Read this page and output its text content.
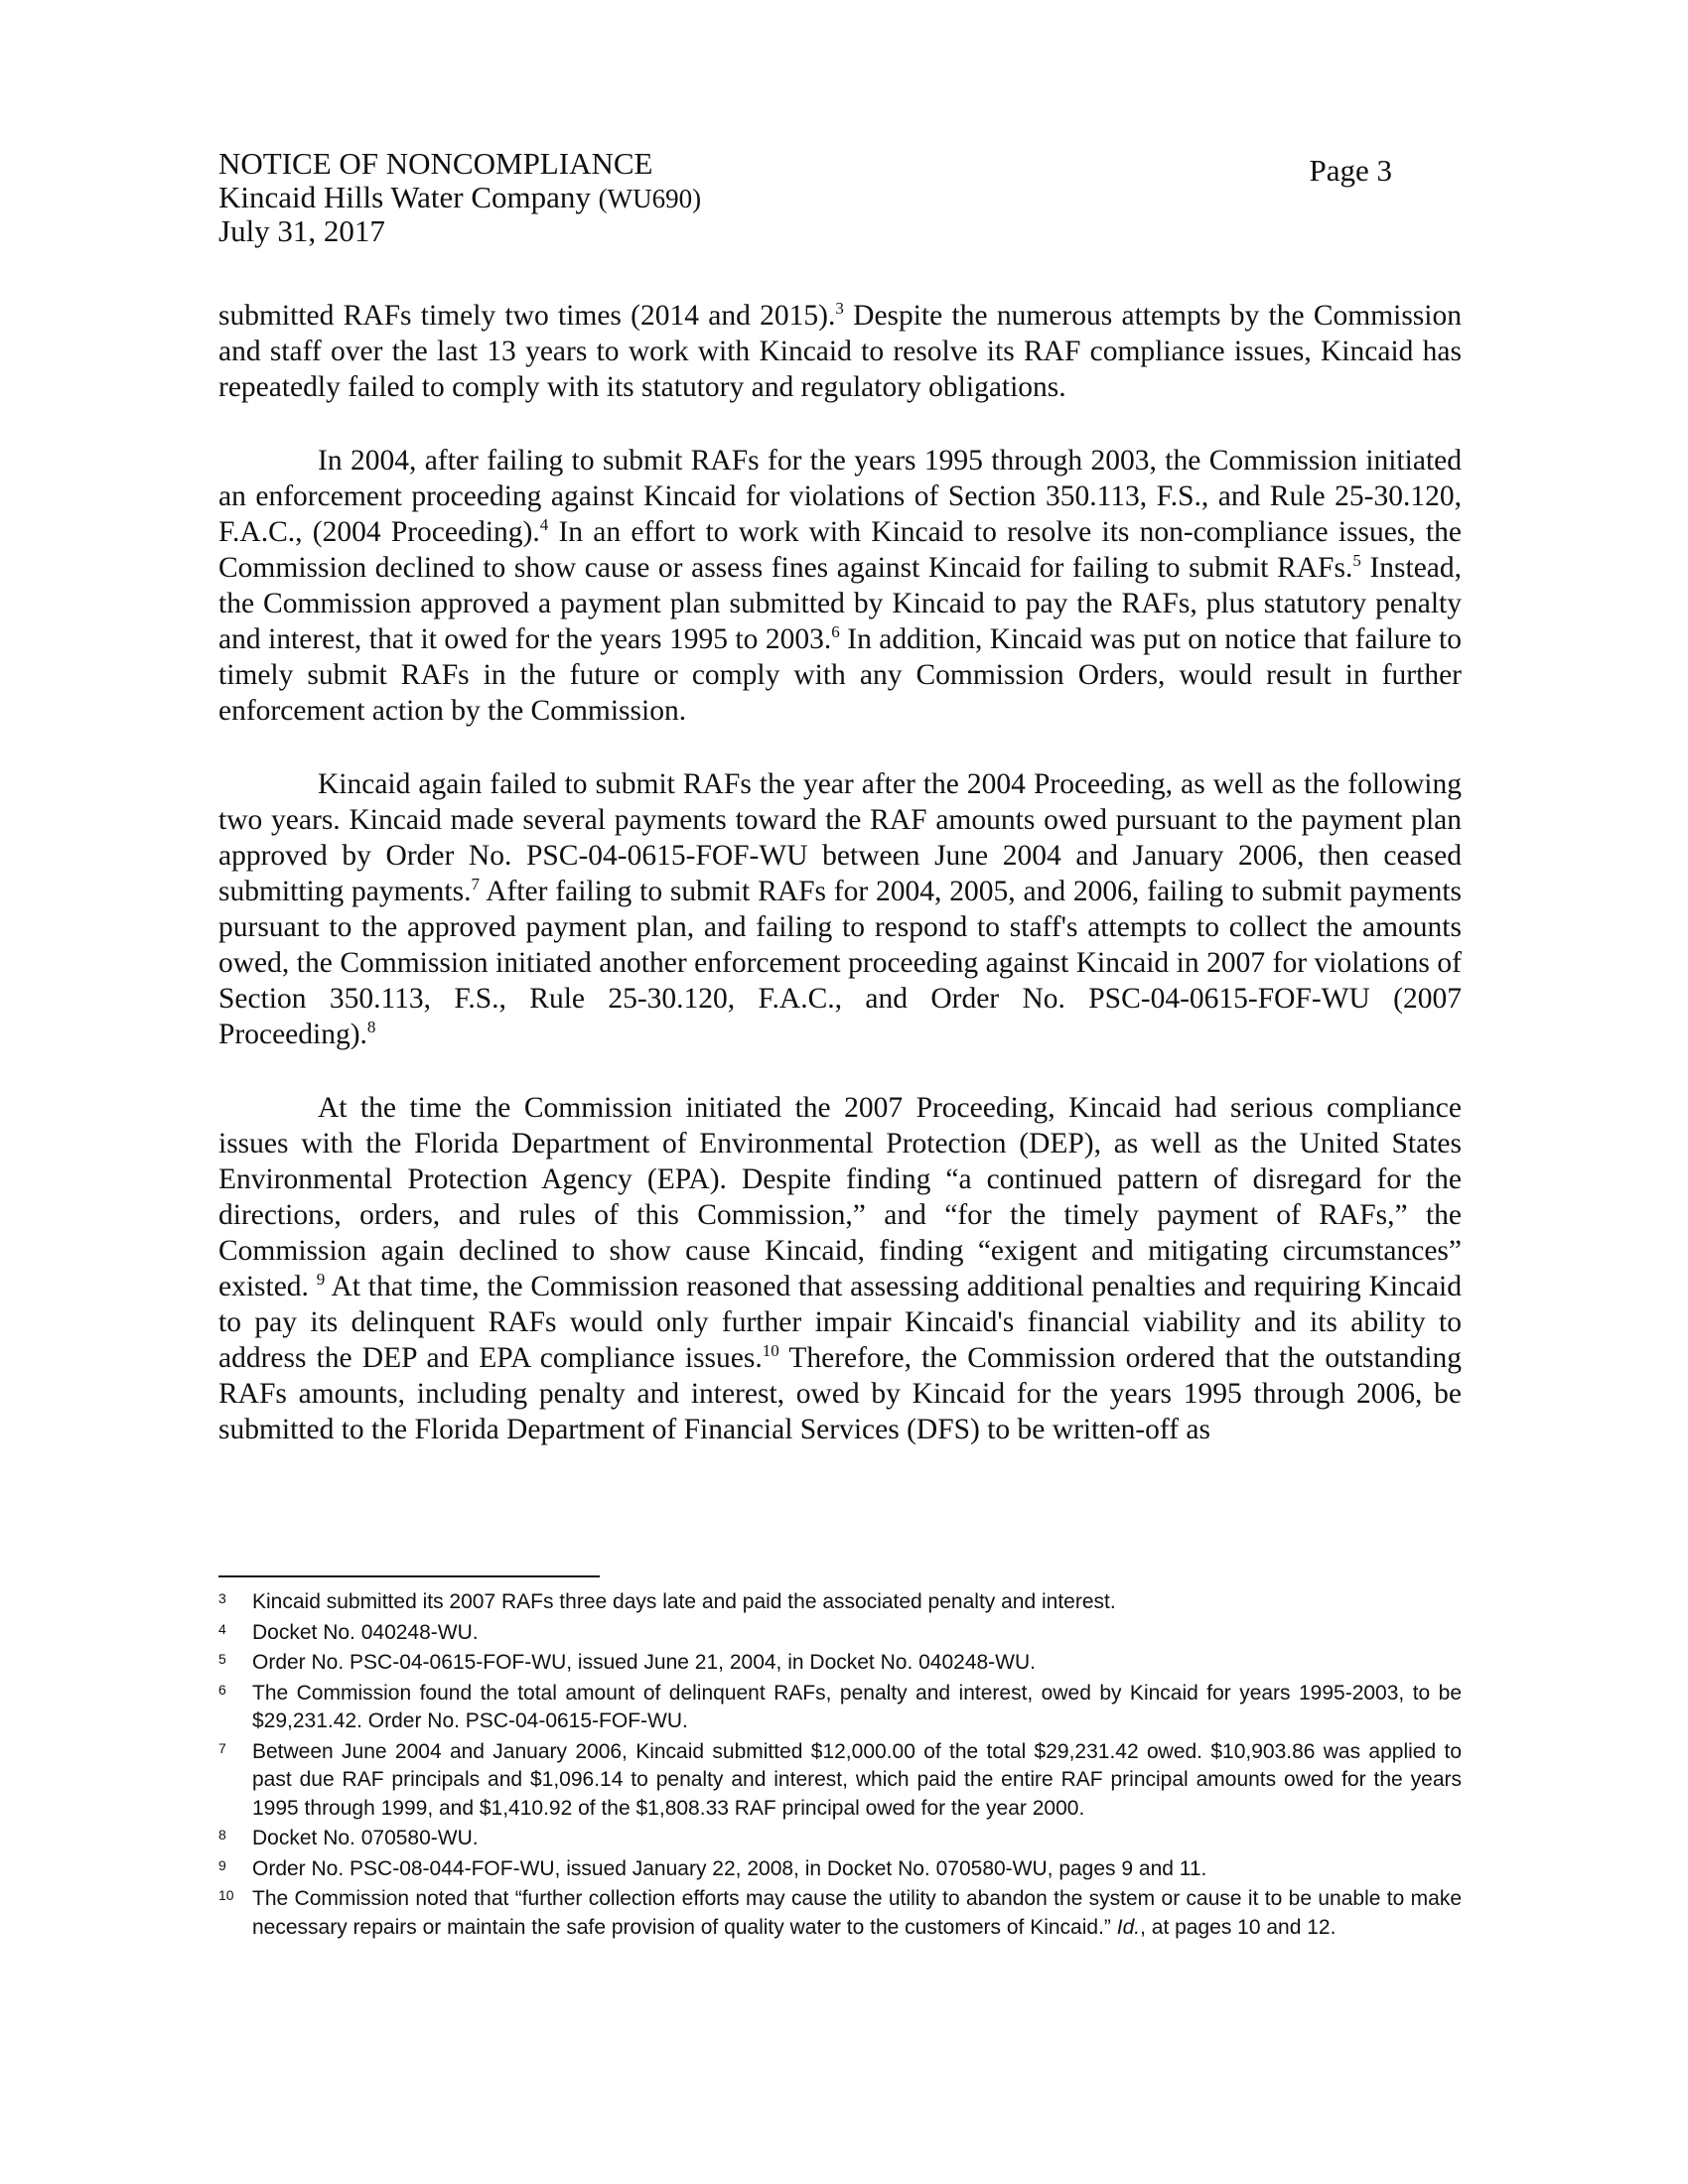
NOTICE OF NONCOMPLIANCE
Kincaid Hills Water Company (WU690)
July 31, 2017
Page 3

submitted RAFs timely two times (2014 and 2015).$^3$ Despite the numerous attempts by the Commission and staff over the last 13 years to work with Kincaid to resolve its RAF compliance issues, Kincaid has repeatedly failed to comply with its statutory and regulatory obligations.

In 2004, after failing to submit RAFs for the years 1995 through 2003, the Commission initiated an enforcement proceeding against Kincaid for violations of Section 350.113, F.S., and Rule 25-30.120, F.A.C., (2004 Proceeding).$^4$ In an effort to work with Kincaid to resolve its non-compliance issues, the Commission declined to show cause or assess fines against Kincaid for failing to submit RAFs.$^5$ Instead, the Commission approved a payment plan submitted by Kincaid to pay the RAFs, plus statutory penalty and interest, that it owed for the years 1995 to 2003.$^6$ In addition, Kincaid was put on notice that failure to timely submit RAFs in the future or comply with any Commission Orders, would result in further enforcement action by the Commission.

Kincaid again failed to submit RAFs the year after the 2004 Proceeding, as well as the following two years. Kincaid made several payments toward the RAF amounts owed pursuant to the payment plan approved by Order No. PSC-04-0615-FOF-WU between June 2004 and January 2006, then ceased submitting payments.$^7$ After failing to submit RAFs for 2004, 2005, and 2006, failing to submit payments pursuant to the approved payment plan, and failing to respond to staff's attempts to collect the amounts owed, the Commission initiated another enforcement proceeding against Kincaid in 2007 for violations of Section 350.113, F.S., Rule 25-30.120, F.A.C., and Order No. PSC-04-0615-FOF-WU (2007 Proceeding).$^8$

At the time the Commission initiated the 2007 Proceeding, Kincaid had serious compliance issues with the Florida Department of Environmental Protection (DEP), as well as the United States Environmental Protection Agency (EPA). Despite finding “a continued pattern of disregard for the directions, orders, and rules of this Commission,” and “for the timely payment of RAFs,” the Commission again declined to show cause Kincaid, finding “exigent and mitigating circumstances” existed. $^9$ At that time, the Commission reasoned that assessing additional penalties and requiring Kincaid to pay its delinquent RAFs would only further impair Kincaid's financial viability and its ability to address the DEP and EPA compliance issues.$^{10}$ Therefore, the Commission ordered that the outstanding RAFs amounts, including penalty and interest, owed by Kincaid for the years 1995 through 2006, be submitted to the Florida Department of Financial Services (DFS) to be written-off as

3	Kincaid submitted its 2007 RAFs three days late and paid the associated penalty and interest.
4	Docket No. 040248-WU.
5	Order No. PSC-04-0615-FOF-WU, issued June 21, 2004, in Docket No. 040248-WU.
6	The Commission found the total amount of delinquent RAFs, penalty and interest, owed by Kincaid for years 1995-2003, to be $29,231.42. Order No. PSC-04-0615-FOF-WU.
7	Between June 2004 and January 2006, Kincaid submitted $12,000.00 of the total $29,231.42 owed. $10,903.86 was applied to past due RAF principals and $1,096.14 to penalty and interest, which paid the entire RAF principal amounts owed for the years 1995 through 1999, and $1,410.92 of the $1,808.33 RAF principal owed for the year 2000.
8	Docket No. 070580-WU.
9	Order No. PSC-08-044-FOF-WU, issued January 22, 2008, in Docket No. 070580-WU, pages 9 and 11.
10 The Commission noted that “further collection efforts may cause the utility to abandon the system or cause it to be unable to make necessary repairs or maintain the safe provision of quality water to the customers of Kincaid.” Id., at pages 10 and 12.
